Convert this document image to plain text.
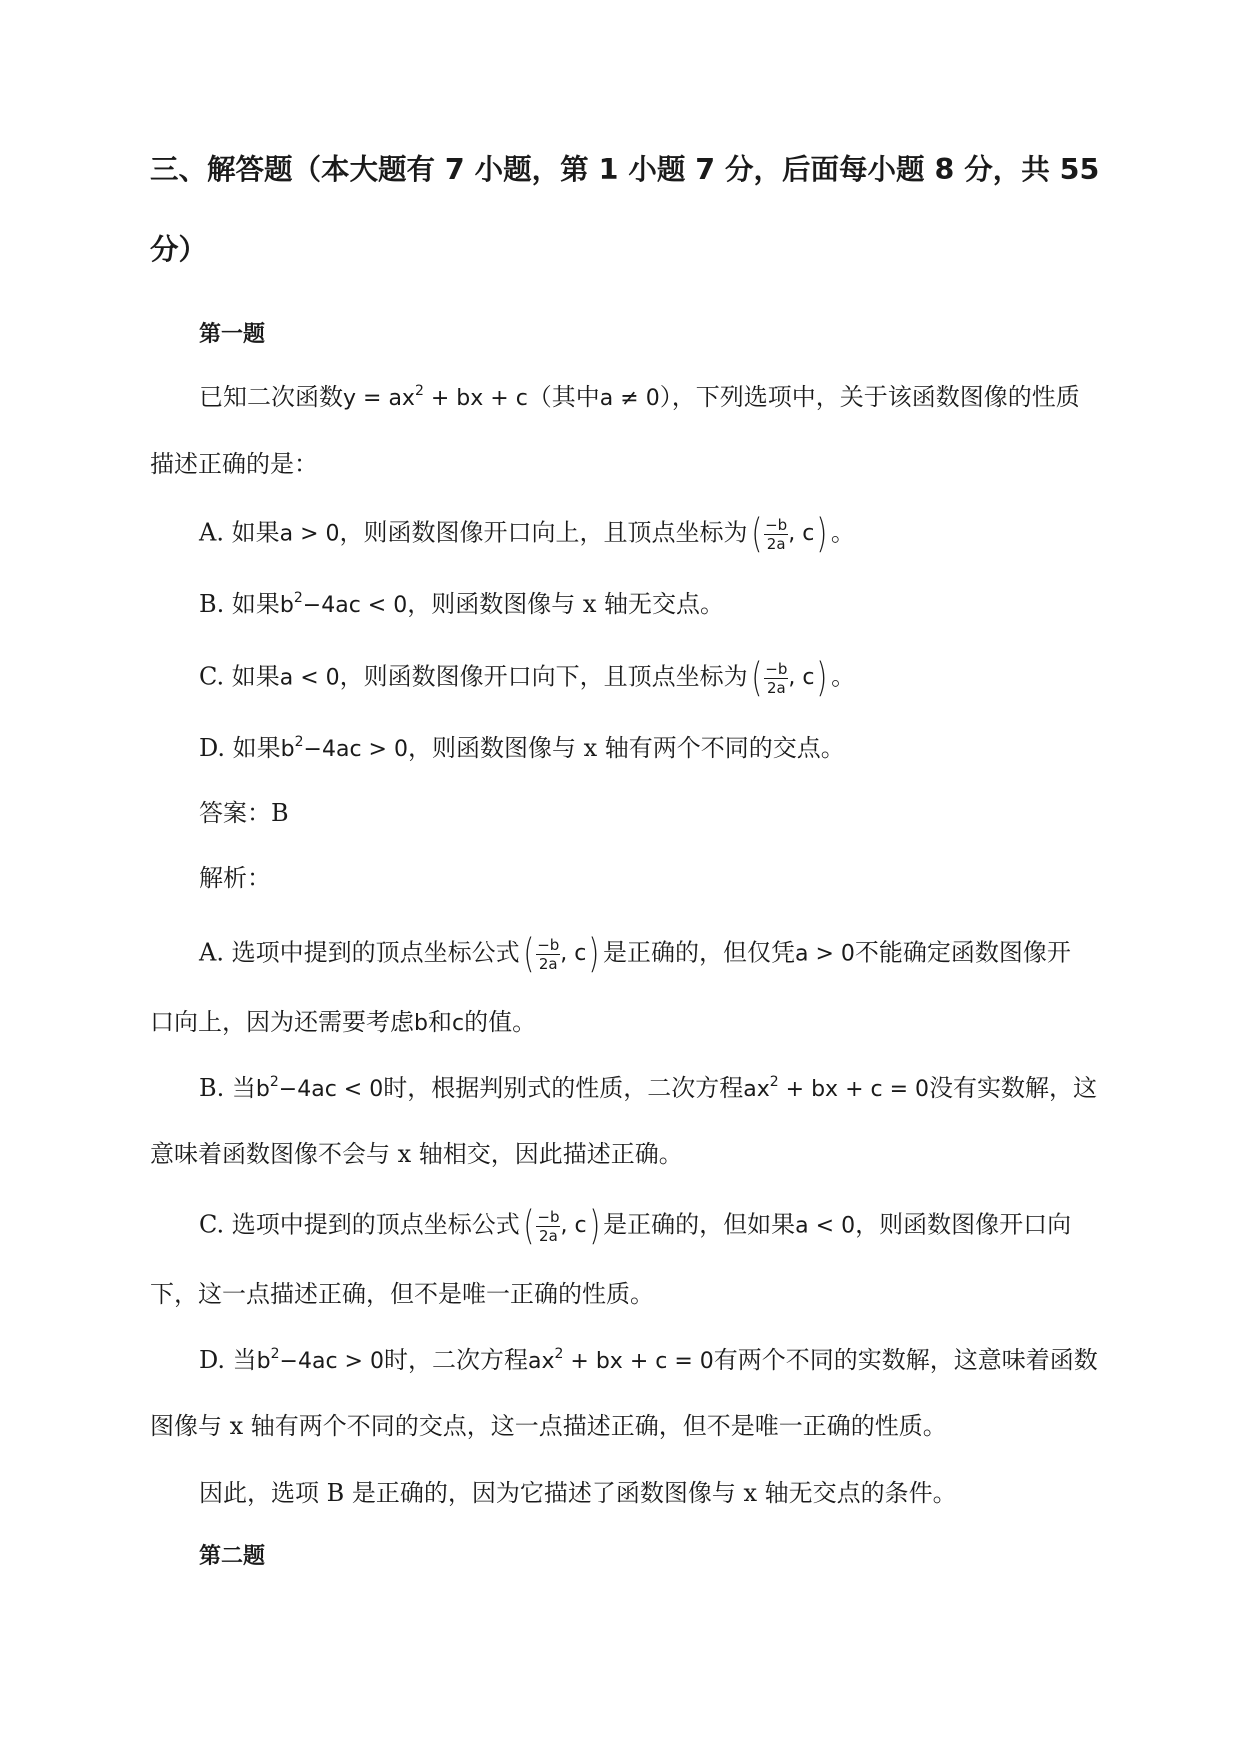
三、解答题（本大题有 7 小题，第 1 小题 7 分，后面每小题 8 分，共 55
分）
第一题
已知二次函数$y = ax^2$ + bx + c（其中a ≠ 0），下列选项中，关于该函数图像的性质
描述正确的是：
A. 如果a > 0，则函数图像开口向上，且顶点坐标为( $\frac{-b}{2a}$ , c) 。
B. 如果$b^2-4ac < 0$，则函数图像与 x 轴无交点。
C. 如果a < 0，则函数图像开口向下，且顶点坐标为( $\frac{-b}{2a}$ , c) 。
D. 如果$b^2-4ac > 0$，则函数图像与 x 轴有两个不同的交点。
答案：B
解析：
A. 选项中提到的顶点坐标公式( $\frac{-b}{2a}$ , c) 是正确的，但仅凭a > 0不能确定函数图像开
口向上，因为还需要考虑b和c的值。
B. 当$b^2-4ac < 0$时，根据判别式的性质，二次方程$ax^2$ + bx + c = 0没有实数解，这
意味着函数图像不会与 x 轴相交，因此描述正确。
C. 选项中提到的顶点坐标公式( $\frac{-b}{2a}$ , c) 是正确的，但如果a < 0，则函数图像开口向
下，这一点描述正确，但不是唯一正确的性质。
D. 当$b^2-4ac > 0$时，二次方程$ax^2$ + bx + c = 0有两个不同的实数解，这意味着函数
图像与 x 轴有两个不同的交点，这一点描述正确，但不是唯一正确的性质。
因此，选项 B 是正确的，因为它描述了函数图像与 x 轴无交点的条件。
第二题
